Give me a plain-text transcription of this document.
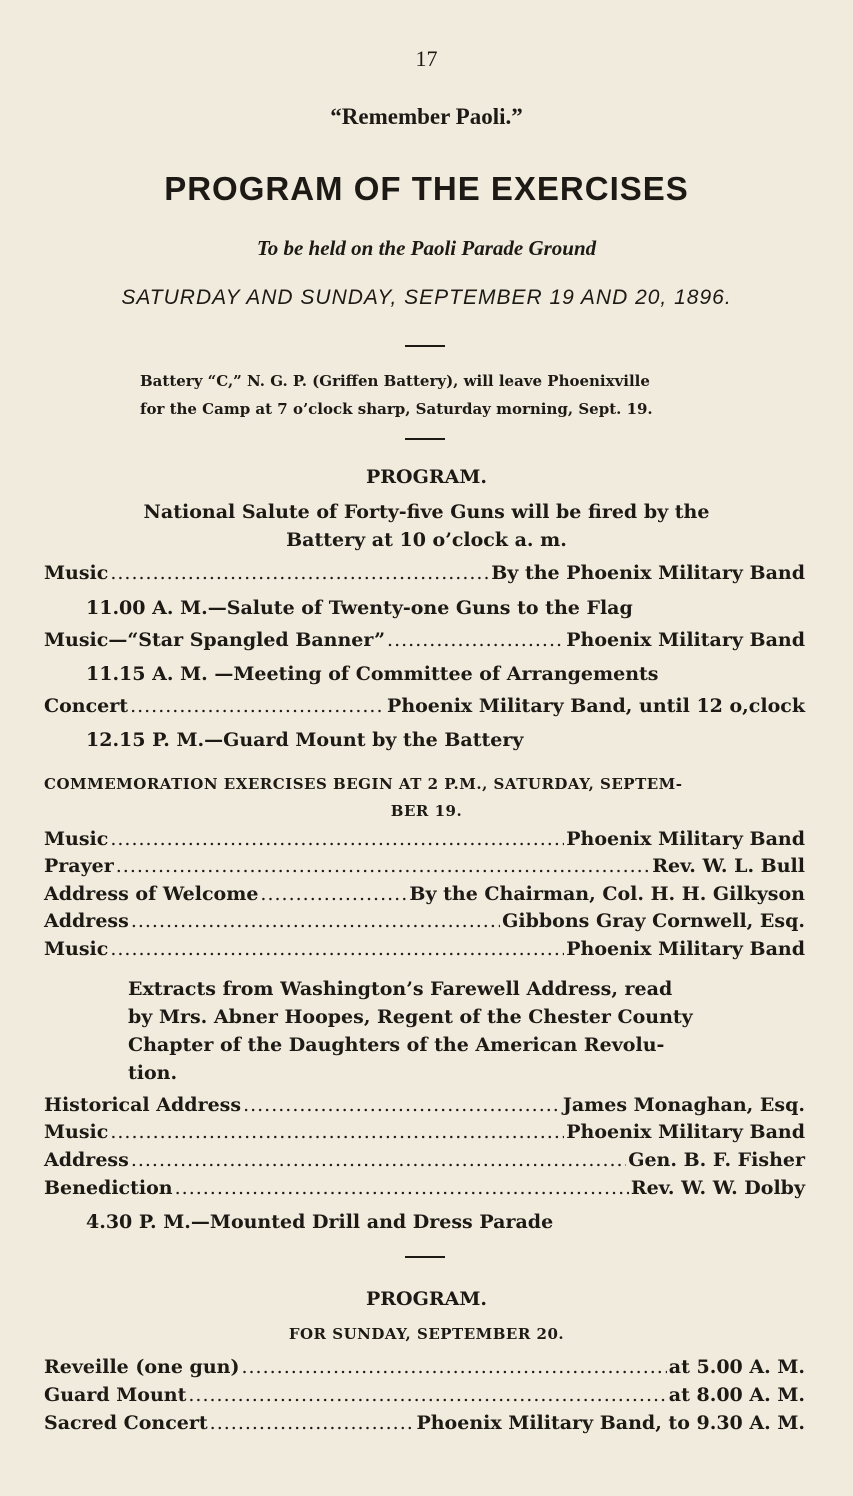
17
“Remember Paoli.”
PROGRAM OF THE EXERCISES
To be held on the Paoli Parade Ground
SATURDAY AND SUNDAY, SEPTEMBER 19 AND 20, 1896.
Battery “C,” N. G. P. (Griffen Battery), will leave Phoenixville
for the Camp at 7 o’clock sharp, Saturday morning, Sept. 19.
PROGRAM.
National Salute of Forty-five Guns will be fired by the
Battery at 10 o’clock a. m.
Music .....	By the Phoenix Military Band
11.00 A. M.—Salute of Twenty-one Guns to the Flag
Music—“Star Spangled Banner” .....	Phoenix Military Band
11.15 A. M. —Meeting of Committee of Arrangements
Concert .....	Phoenix Military Band, until 12 o,clock
12.15 P. M.—Guard Mount by the Battery
COMMEMORATION EXERCISES BEGIN AT 2 P.M., SATURDAY, SEPTEM-
BER 19.
Music .....	Phoenix Military Band
Prayer .....	Rev. W. L. Bull
Address of Welcome .....	By the Chairman, Col. H. H. Gilkyson
Address .....	Gibbons Gray Cornwell, Esq.
Music .....	Phoenix Military Band
Extracts from Washington’s Farewell Address, read
by Mrs. Abner Hoopes, Regent of the Chester County
Chapter of the Daughters of the American Revolu-
tion.
Historical Address .....	James Monaghan, Esq.
Music .....	Phoenix Military Band
Address .....	Gen. B. F. Fisher
Benediction .....	Rev. W. W. Dolby
4.30 P. M.—Mounted Drill and Dress Parade
PROGRAM.
FOR SUNDAY, SEPTEMBER 20.
Reveille (one gun) .....	at 5.00 A. M.
Guard Mount .....	at 8.00 A. M.
Sacred Concert .....	Phoenix Military Band, to 9.30 A. M.
